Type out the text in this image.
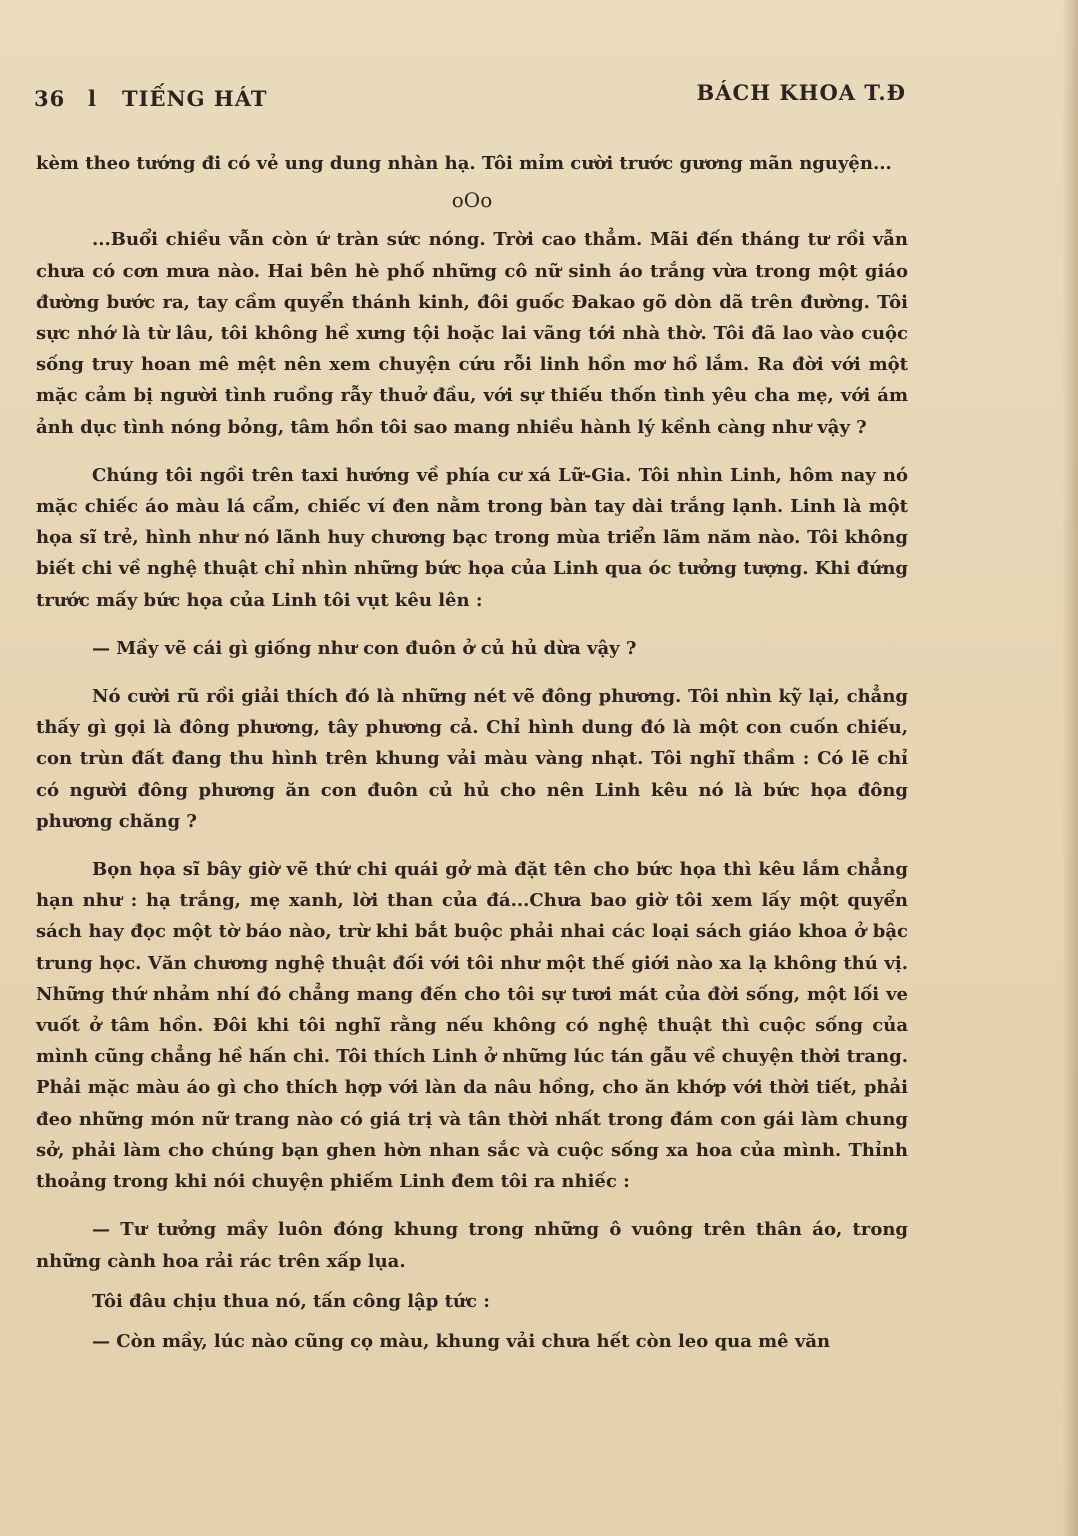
36 l TIẾNG HÁT	BÁCH KHOA T.Đ

kèm theo tướng đi có vẻ ung dung nhàn hạ. Tôi mỉm cười trước gương mãn nguyện...

oOo

...Buổi chiều vẫn còn ứ tràn sức nóng. Trời cao thẳm. Mãi đến tháng tư rồi vẫn chưa có cơn mưa nào. Hai bên hè phố những cô nữ sinh áo trắng vừa trong một giáo đường bước ra, tay cầm quyển thánh kinh, đôi guốc Đakao gõ dòn dã trên đường. Tôi sực nhớ là từ lâu, tôi không hề xưng tội hoặc lai vãng tới nhà thờ. Tôi đã lao vào cuộc sống truy hoan mê mệt nên xem chuyện cứu rỗi linh hồn mơ hồ lắm. Ra đời với một mặc cảm bị người tình ruồng rẫy thuở đầu, với sự thiếu thốn tình yêu cha mẹ, với ám ảnh dục tình nóng bỏng, tâm hồn tôi sao mang nhiều hành lý kềnh càng như vậy ?

Chúng tôi ngồi trên taxi hướng về phía cư xá Lữ-Gia. Tôi nhìn Linh, hôm nay nó mặc chiếc áo màu lá cẩm, chiếc ví đen nằm trong bàn tay dài trắng lạnh. Linh là một họa sĩ trẻ, hình như nó lãnh huy chương bạc trong mùa triển lãm năm nào. Tôi không biết chi về nghệ thuật chỉ nhìn những bức họa của Linh qua óc tưởng tượng. Khi đứng trước mấy bức họa của Linh tôi vụt kêu lên :

— Mầy vẽ cái gì giống như con đuôn ở củ hủ dừa vậy ?

Nó cười rũ rồi giải thích đó là những nét vẽ đông phương. Tôi nhìn kỹ lại, chẳng thấy gì gọi là đông phương, tây phương cả. Chỉ hình dung đó là một con cuốn chiếu, con trùn đất đang thu hình trên khung vải màu vàng nhạt. Tôi nghĩ thầm : Có lẽ chỉ có người đông phương ăn con đuôn củ hủ cho nên Linh kêu nó là bức họa đông phương chăng ?

Bọn họa sĩ bây giờ vẽ thứ chi quái gở mà đặt tên cho bức họa thì kêu lắm chẳng hạn như : hạ trắng, mẹ xanh, lời than của đá...Chưa bao giờ tôi xem lấy một quyển sách hay đọc một tờ báo nào, trừ khi bắt buộc phải nhai các loại sách giáo khoa ở bậc trung học. Văn chương nghệ thuật đối với tôi như một thế giới nào xa lạ không thú vị. Những thứ nhảm nhí đó chẳng mang đến cho tôi sự tươi mát của đời sống, một lối ve vuốt ở tâm hồn. Đôi khi tôi nghĩ rằng nếu không có nghệ thuật thì cuộc sống của mình cũng chẳng hề hấn chi. Tôi thích Linh ở những lúc tán gẫu về chuyện thời trang. Phải mặc màu áo gì cho thích hợp với làn da nâu hồng, cho ăn khớp với thời tiết, phải đeo những món nữ trang nào có giá trị và tân thời nhất trong đám con gái làm chung sở, phải làm cho chúng bạn ghen hờn nhan sắc và cuộc sống xa hoa của mình. Thỉnh thoảng trong khi nói chuyện phiếm Linh đem tôi ra nhiếc :

— Tư tưởng mầy luôn đóng khung trong những ô vuông trên thân áo, trong những cành hoa rải rác trên xấp lụa.

Tôi đâu chịu thua nó, tấn công lập tức :

— Còn mầy, lúc nào cũng cọ màu, khung vải chưa hết còn leo qua mê văn
